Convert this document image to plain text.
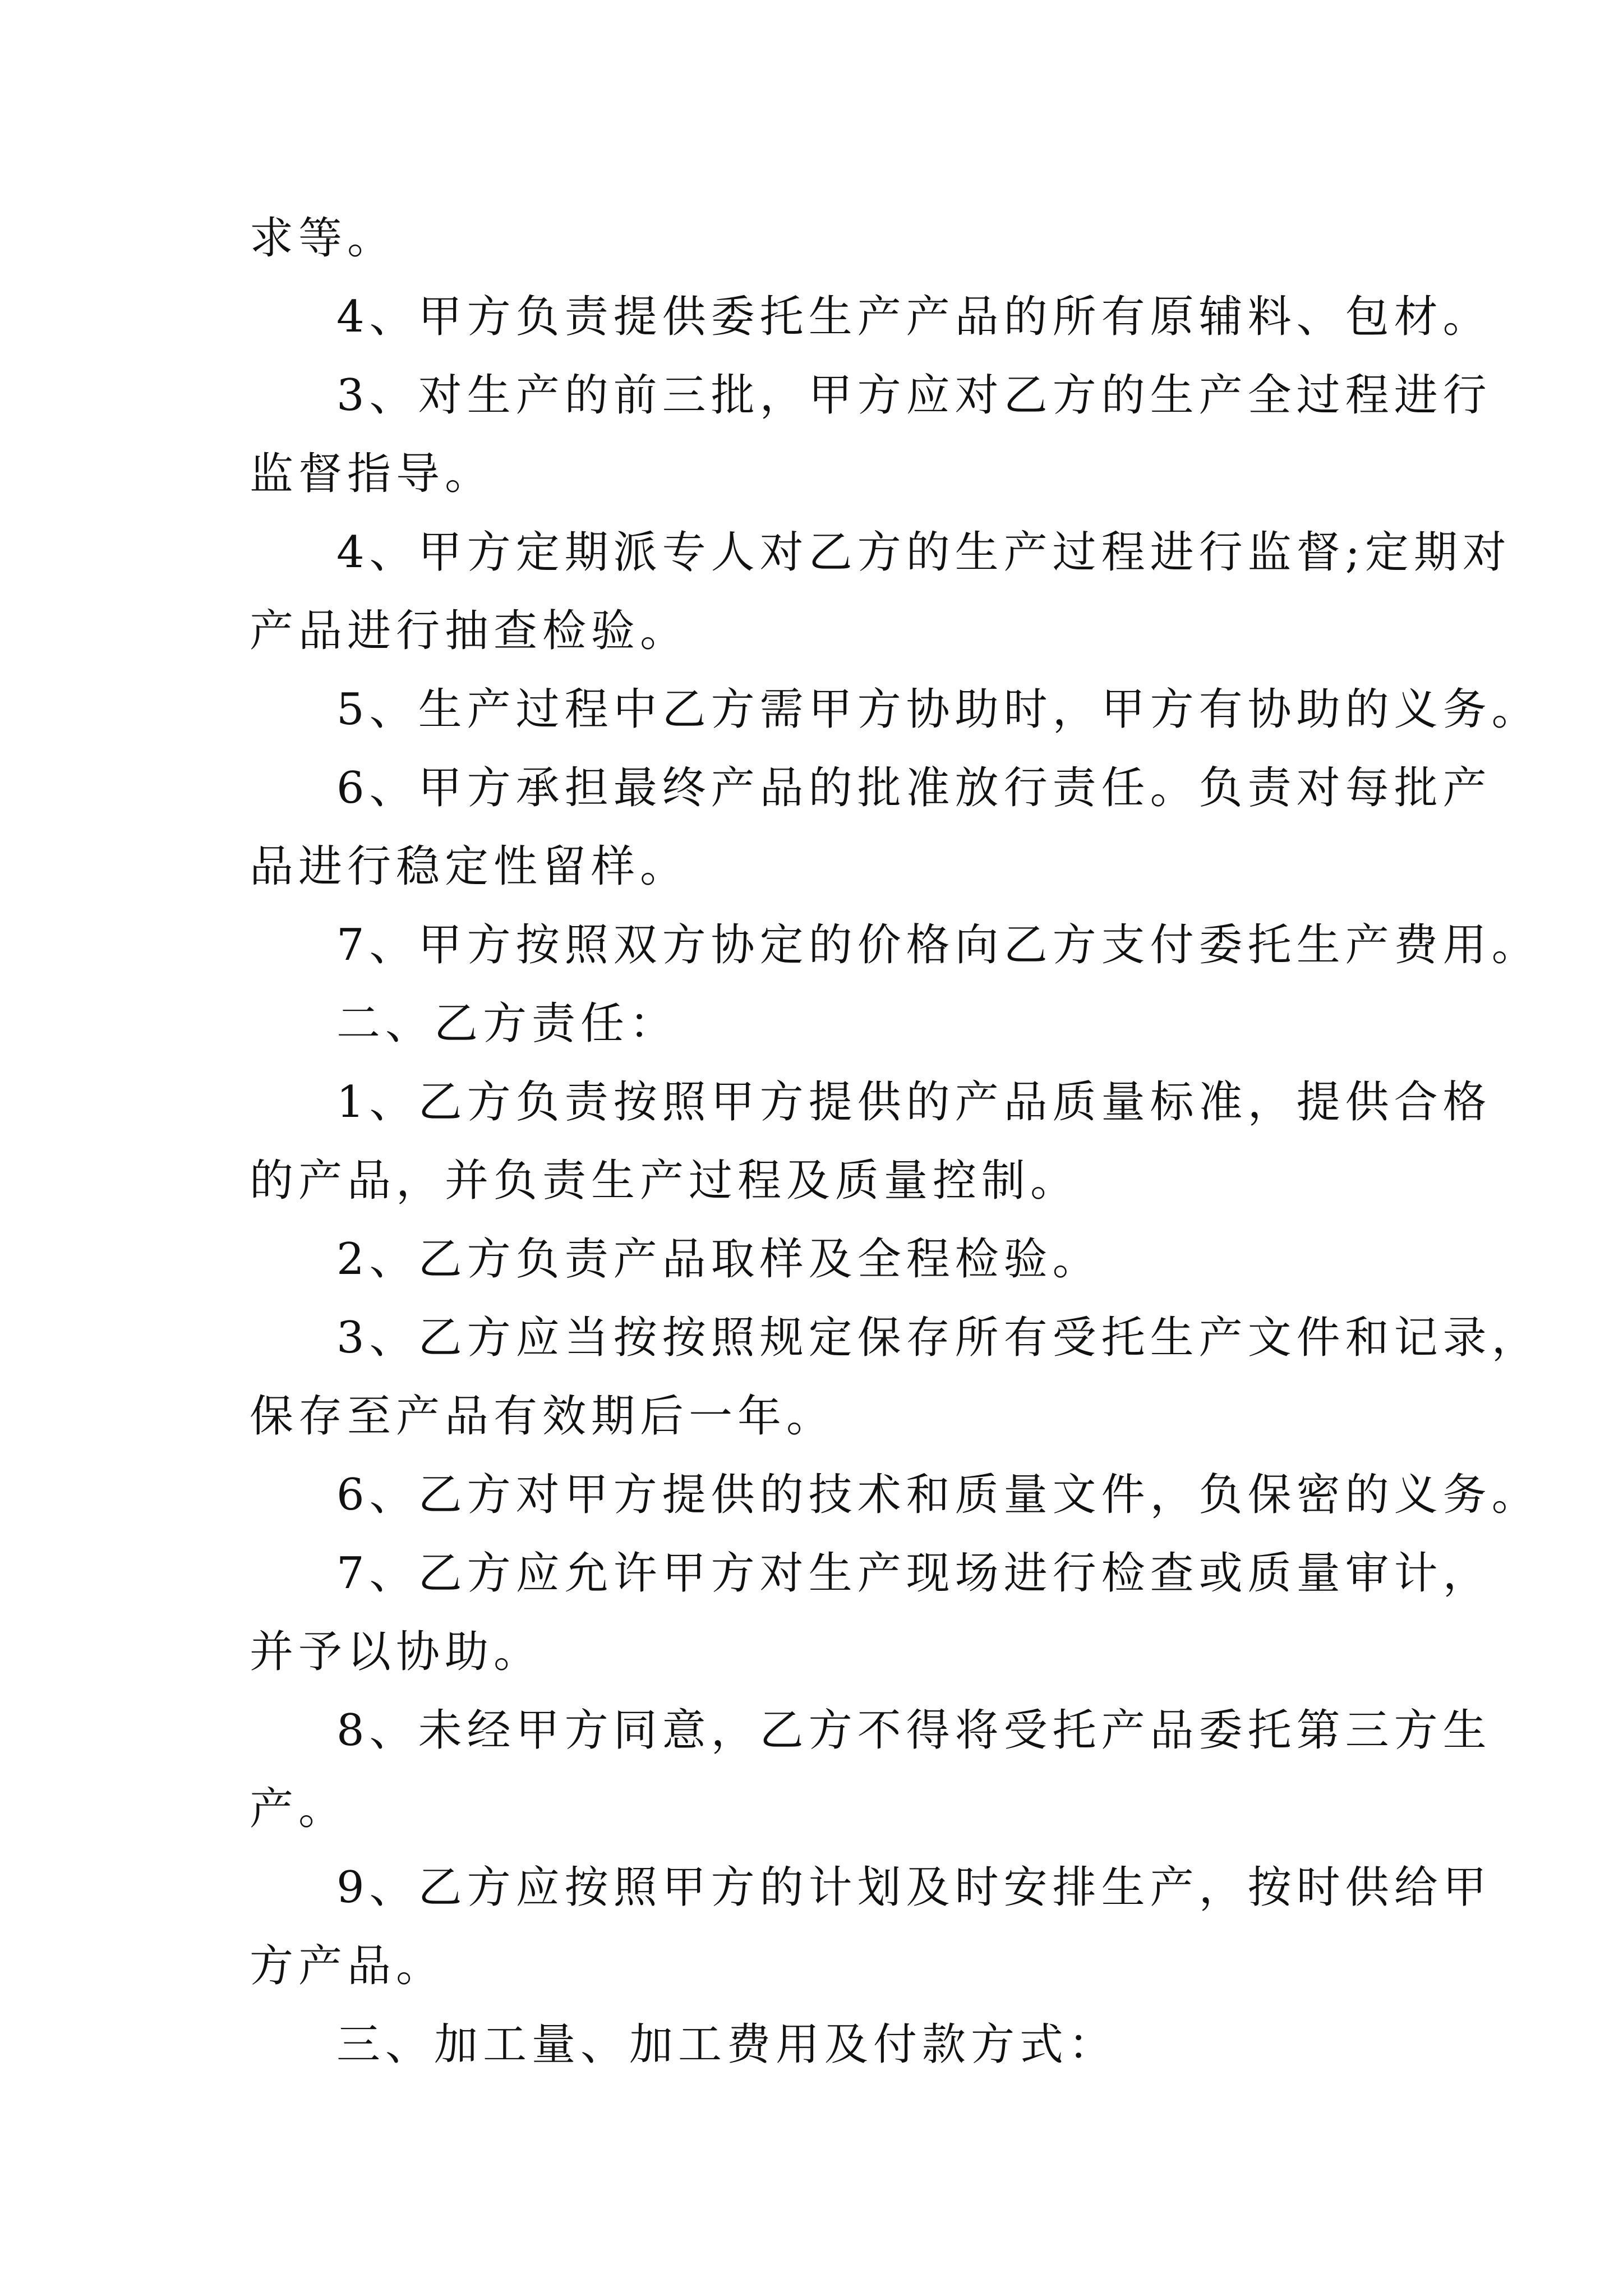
求等。
4、甲方负责提供委托生产产品的所有原辅料、包材。
3、对生产的前三批，甲方应对乙方的生产全过程进行
监督指导。
4、甲方定期派专人对乙方的生产过程进行监督;定期对
产品进行抽查检验。
5、生产过程中乙方需甲方协助时，甲方有协助的义务。
6、甲方承担最终产品的批准放行责任。负责对每批产
品进行稳定性留样。
7、甲方按照双方协定的价格向乙方支付委托生产费用。
二、乙方责任：
1、乙方负责按照甲方提供的产品质量标准，提供合格
的产品，并负责生产过程及质量控制。
2、乙方负责产品取样及全程检验。
3、乙方应当按按照规定保存所有受托生产文件和记录，
保存至产品有效期后一年。
6、乙方对甲方提供的技术和质量文件，负保密的义务。
7、乙方应允许甲方对生产现场进行检查或质量审计，
并予以协助。
8、未经甲方同意，乙方不得将受托产品委托第三方生
产。
9、乙方应按照甲方的计划及时安排生产，按时供给甲
方产品。
三、加工量、加工费用及付款方式：
